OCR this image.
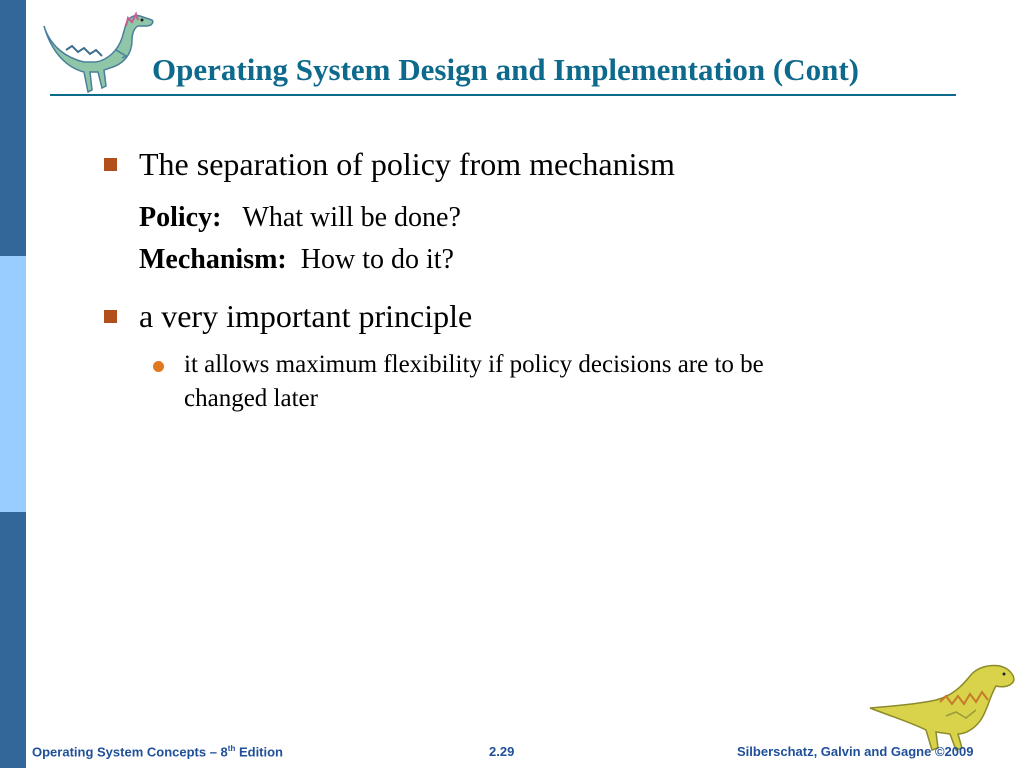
Operating System Design and Implementation (Cont)
The separation of policy from mechanism
Policy: What will be done?
Mechanism: How to do it?
a very important principle
it allows maximum flexibility if policy decisions are to be
changed later
Operating System Concepts – 8th Edition	2.29	Silberschatz, Galvin and Gagne ©2009
